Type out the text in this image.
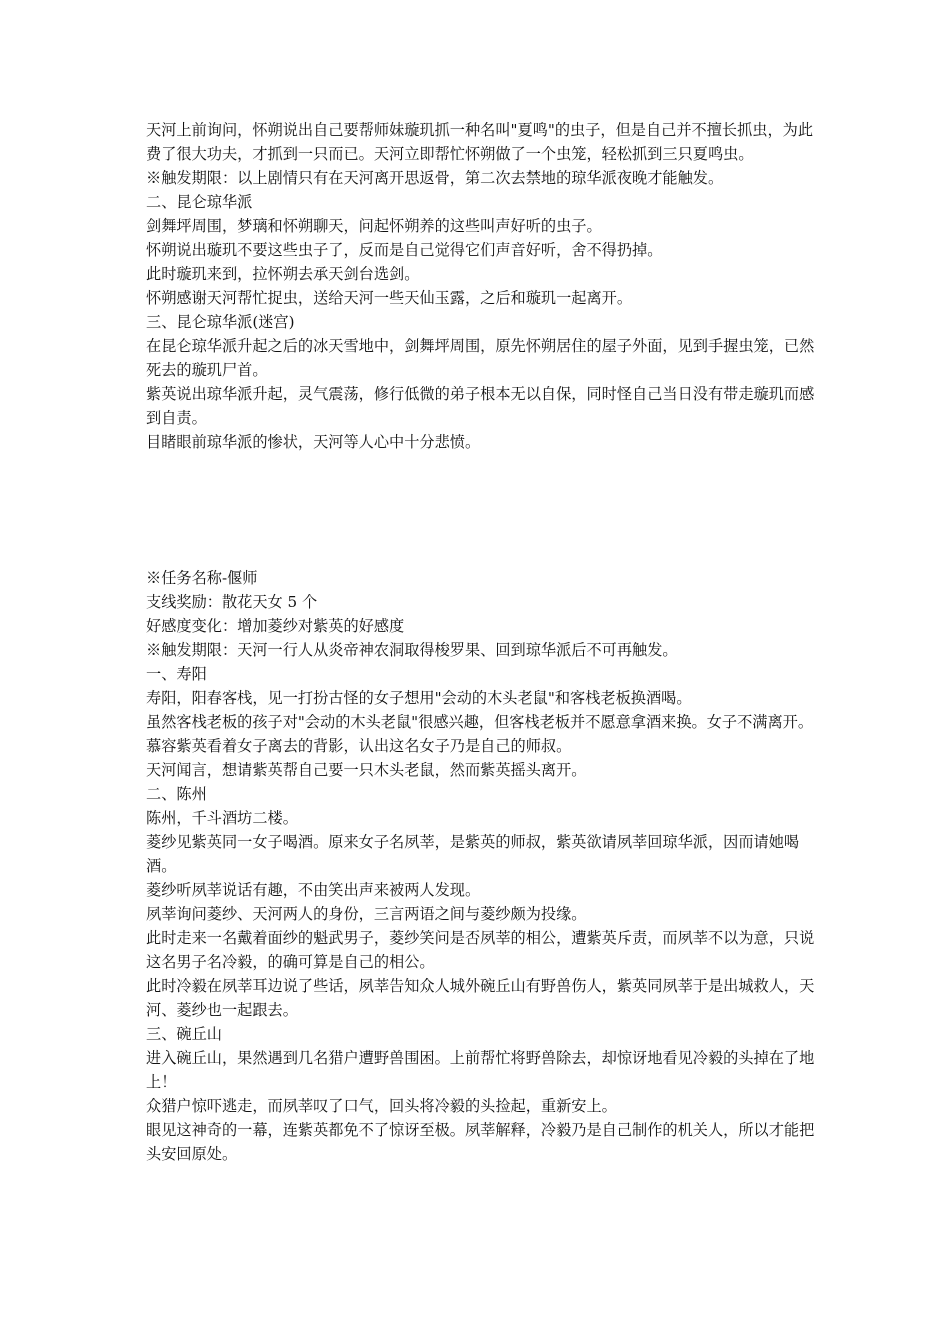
天河上前询问，怀朔说出自己要帮师妹璇玑抓一种名叫"夏鸣"的虫子，但是自己并不擅长抓虫，为此费了很大功夫，才抓到一只而已。天河立即帮忙怀朔做了一个虫笼，轻松抓到三只夏鸣虫。

※触发期限：以上剧情只有在天河离开思返骨，第二次去禁地的琼华派夜晚才能触发。

二、昆仑琼华派

剑舞坪周围，梦璃和怀朔聊天，问起怀朔养的这些叫声好听的虫子。

怀朔说出璇玑不要这些虫子了，反而是自己觉得它们声音好听，舍不得扔掉。

此时璇玑来到，拉怀朔去承天剑台选剑。

怀朔感谢天河帮忙捉虫，送给天河一些天仙玉露，之后和璇玑一起离开。

三、昆仑琼华派(迷宫)

在昆仑琼华派升起之后的冰天雪地中，剑舞坪周围，原先怀朔居住的屋子外面，见到手握虫笼，已然死去的璇玑尸首。

紫英说出琼华派升起，灵气震荡，修行低微的弟子根本无以自保，同时怪自己当日没有带走璇玑而感到自责。

目睹眼前琼华派的惨状，天河等人心中十分悲愤。

※任务名称-偃师

支线奖励：散花天女 5 个

好感度变化：增加菱纱对紫英的好感度

※触发期限：天河一行人从炎帝神农洞取得梭罗果、回到琼华派后不可再触发。

一、寿阳

寿阳，阳春客栈，见一打扮古怪的女子想用"会动的木头老鼠"和客栈老板换酒喝。

虽然客栈老板的孩子对"会动的木头老鼠"很感兴趣，但客栈老板并不愿意拿酒来换。女子不满离开。

慕容紫英看着女子离去的背影，认出这名女子乃是自己的师叔。

天河闻言，想请紫英帮自己要一只木头老鼠，然而紫英摇头离开。

二、陈州

陈州，千斗酒坊二楼。

菱纱见紫英同一女子喝酒。原来女子名夙莘，是紫英的师叔，紫英欲请夙莘回琼华派，因而请她喝酒。

菱纱听夙莘说话有趣，不由笑出声来被两人发现。

夙莘询问菱纱、天河两人的身份，三言两语之间与菱纱颇为投缘。

此时走来一名戴着面纱的魁武男子，菱纱笑问是否夙莘的相公，遭紫英斥责，而夙莘不以为意，只说这名男子名冷毅，的确可算是自己的相公。

此时冷毅在夙莘耳边说了些话，夙莘告知众人城外碗丘山有野兽伤人，紫英同夙莘于是出城救人，天河、菱纱也一起跟去。

三、碗丘山

进入碗丘山，果然遇到几名猎户遭野兽围困。上前帮忙将野兽除去，却惊讶地看见冷毅的头掉在了地上！

众猎户惊吓逃走，而夙莘叹了口气，回头将冷毅的头捡起，重新安上。

眼见这神奇的一幕，连紫英都免不了惊讶至极。夙莘解释，冷毅乃是自己制作的机关人，所以才能把头安回原处。
